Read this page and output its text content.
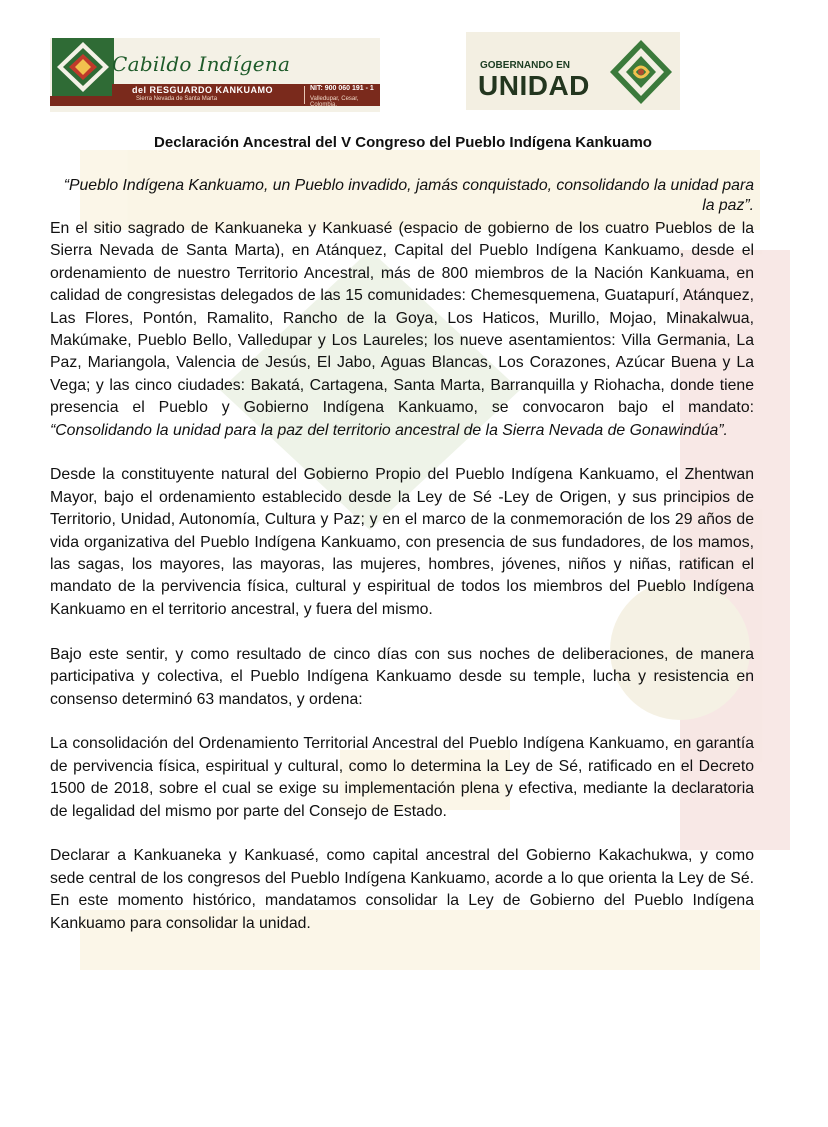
Cabildo Indígena
del RESGUARDO KANKUAMO
Sierra Nevada de Santa Marta
NIT: 900 060 191 - 1
Valledupar, Cesar, Colombia.
GOBERNANDO EN
UNIDAD
Declaración Ancestral del V Congreso del Pueblo Indígena Kankuamo
“Pueblo Indígena Kankuamo, un Pueblo invadido, jamás conquistado, consolidando la unidad para la paz”.

En el sitio sagrado de Kankuaneka y Kankuasé (espacio de gobierno de los cuatro Pueblos de la Sierra Nevada de Santa Marta), en Atánquez, Capital del Pueblo Indígena Kankuamo, desde el ordenamiento de nuestro Territorio Ancestral, más de 800 miembros de la Nación Kankuama, en calidad de congresistas delegados de las 15 comunidades: Chemesquemena, Guatapurí, Atánquez, Las Flores, Pontón, Ramalito, Rancho de la Goya, Los Haticos, Murillo, Mojao, Minakalwua, Makúmake, Pueblo Bello, Valledupar y Los Laureles; los nueve asentamientos: Villa Germania, La Paz, Mariangola, Valencia de Jesús, El Jabo, Aguas Blancas, Los Corazones, Azúcar Buena y La Vega; y las cinco ciudades: Bakatá, Cartagena, Santa Marta, Barranquilla y Riohacha, donde tiene presencia el Pueblo y Gobierno Indígena Kankuamo, se convocaron bajo el mandato: “Consolidando la unidad para la paz del territorio ancestral de la Sierra Nevada de Gonawindúa”.

Desde la constituyente natural del Gobierno Propio del Pueblo Indígena Kankuamo, el Zhentwan Mayor, bajo el ordenamiento establecido desde la Ley de Sé -Ley de Origen, y sus principios de Territorio, Unidad, Autonomía, Cultura y Paz; y en el marco de la conmemoración de los 29 años de vida organizativa del Pueblo Indígena Kankuamo, con presencia de sus fundadores, de los mamos, las sagas, los mayores, las mayoras, las mujeres, hombres, jóvenes, niños y niñas, ratifican el mandato de la pervivencia física, cultural y espiritual de todos los miembros del Pueblo Indígena Kankuamo en el territorio ancestral, y fuera del mismo.

Bajo este sentir, y como resultado de cinco días con sus noches de deliberaciones, de manera participativa y colectiva, el Pueblo Indígena Kankuamo desde su temple, lucha y resistencia en consenso determinó 63 mandatos, y ordena:

La consolidación del Ordenamiento Territorial Ancestral del Pueblo Indígena Kankuamo, en garantía de pervivencia física, espiritual y cultural, como lo determina la Ley de Sé, ratificado en el Decreto 1500 de 2018, sobre el cual se exige su implementación plena y efectiva, mediante la declaratoria de legalidad del mismo por parte del Consejo de Estado.

Declarar a Kankuaneka y Kankuasé, como capital ancestral del Gobierno Kakachukwa, y como sede central de los congresos del Pueblo Indígena Kankuamo, acorde a lo que orienta la Ley de Sé. En este momento histórico, mandatamos consolidar la Ley de Gobierno del Pueblo Indígena Kankuamo para consolidar la unidad.
